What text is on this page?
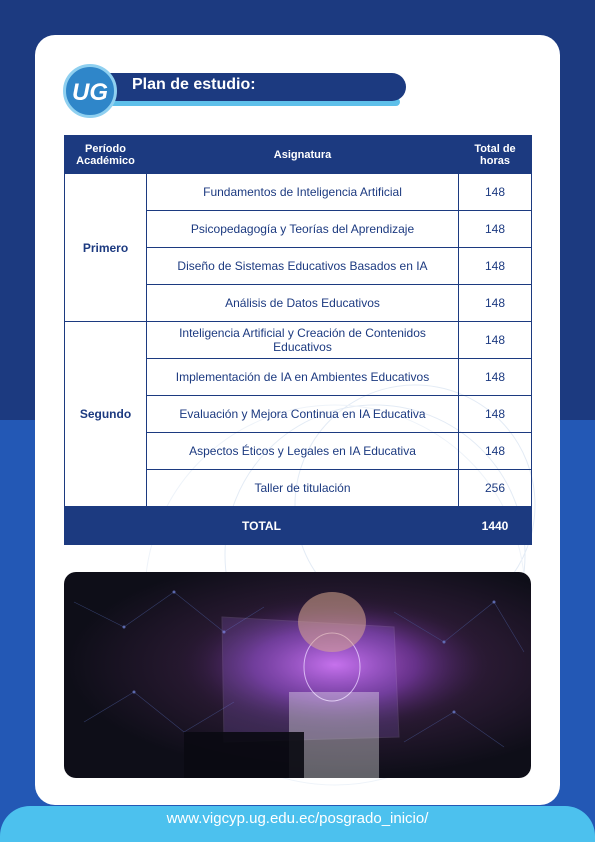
UG Plan de estudio:
Período Académico	Asignatura	Total de horas
Primero	Fundamentos de Inteligencia Artificial	148
	Psicopedagogía y Teorías del Aprendizaje	148
	Diseño de Sistemas Educativos Basados en IA	148
	Análisis de Datos Educativos	148
Segundo	Inteligencia Artificial y Creación de Contenidos Educativos	148
	Implementación de IA en Ambientes Educativos	148
	Evaluación y Mejora Continua en IA Educativa	148
	Aspectos Éticos y Legales en IA Educativa	148
	Taller de titulación	256
TOTAL		1440
www.vigcyp.ug.edu.ec/posgrado_inicio/
